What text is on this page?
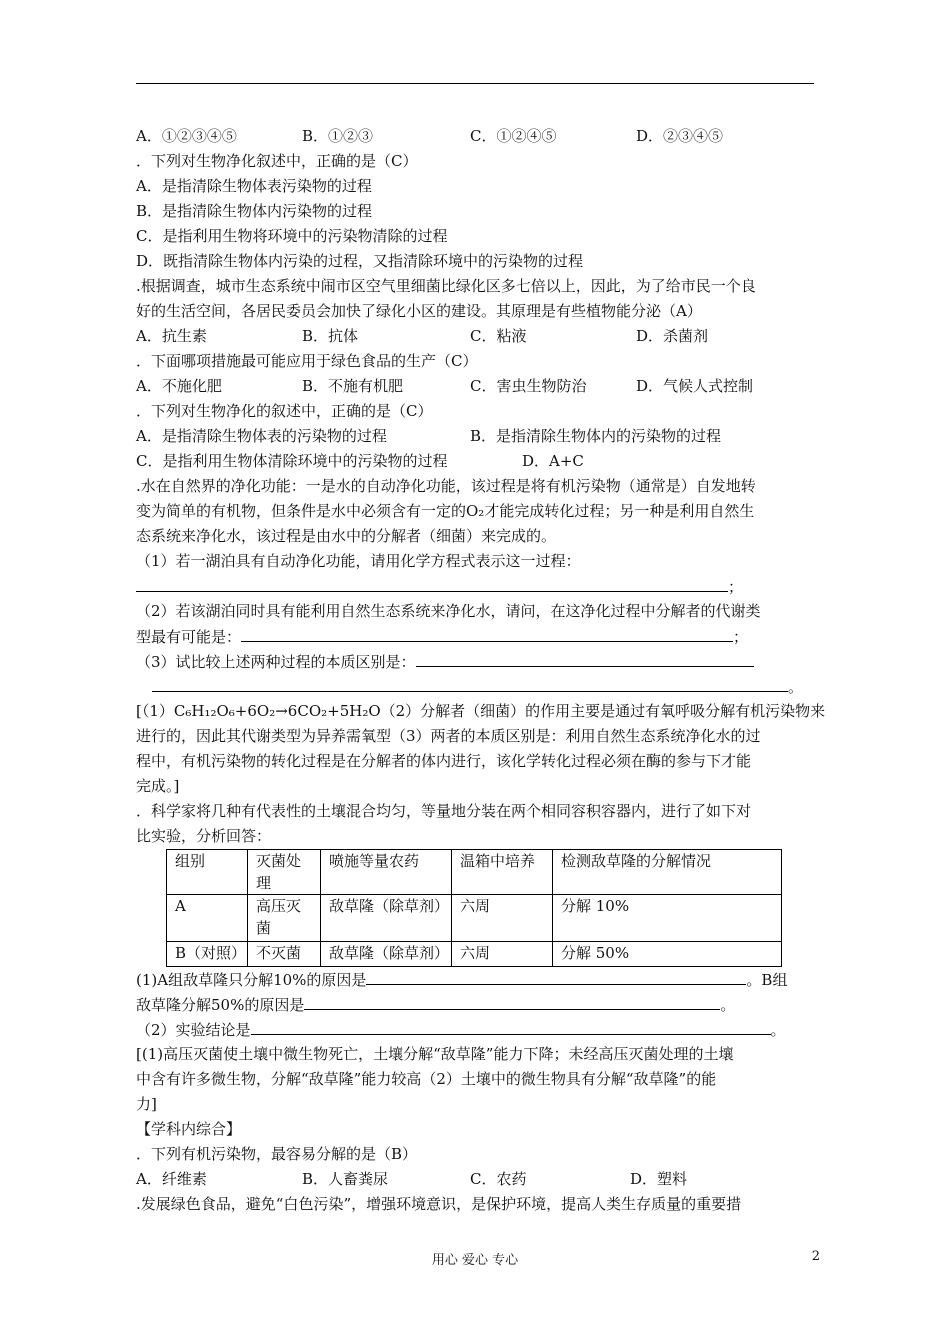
A．①②③④⑤	B．①②③	C．①②④⑤	D．②③④⑤
．下列对生物净化叙述中，正确的是（C）
A．是指清除生物体表污染物的过程
B．是指清除生物体内污染物的过程
C．是指利用生物将环境中的污染物清除的过程
D．既指清除生物体内污染的过程，又指清除环境中的污染物的过程
.根据调查，城市生态系统中闹市区空气里细菌比绿化区多七倍以上，因此，为了给市民一个良
好的生活空间，各居民委员会加快了绿化小区的建设。其原理是有些植物能分泌（A）
A．抗生素	B．抗体	C．粘液	D．杀菌剂
．下面哪项措施最可能应用于绿色食品的生产（C）
A．不施化肥	B．不施有机肥	C．害虫生物防治	D．气候人式控制
．下列对生物净化的叙述中，正确的是（C）
A．是指清除生物体表的污染物的过程	B．是指清除生物体内的污染物的过程
C．是指利用生物体清除环境中的污染物的过程	D．A+C
.水在自然界的净化功能：一是水的自动净化功能，该过程是将有机污染物（通常是）自发地转
变为简单的有机物，但条件是水中必须含有一定的O₂才能完成转化过程；另一种是利用自然生
态系统来净化水，该过程是由水中的分解者（细菌）来完成的。
（1）若一湖泊具有自动净化功能，请用化学方程式表示这一过程：
；
（2）若该湖泊同时具有能利用自然生态系统来净化水，请问，在这净化过程中分解者的代谢类
型最有可能是：	；
（3）试比较上述两种过程的本质区别是：
。
[（1）C₆H₁₂O₆+6O₂→6CO₂+5H₂O（2）分解者（细菌）的作用主要是通过有氧呼吸分解有机污染物来
进行的，因此其代谢类型为异养需氧型（3）两者的本质区别是：利用自然生态系统净化水的过
程中，有机污染物的转化过程是在分解者的体内进行，该化学转化过程必须在酶的参与下才能
完成。]
．科学家将几种有代表性的土壤混合均匀，等量地分装在两个相同容积容器内，进行了如下对
比实验，分析回答：
组别	灭菌处理	喷施等量农药	温箱中培养	检测敌草隆的分解情况
A	高压灭菌	敌草隆（除草剂）	六周	分解 10%
B（对照）	不灭菌	敌草隆（除草剂）	六周	分解 50%
(1)A组敌草隆只分解10%的原因是	。B组
敌草隆分解50%的原因是	。
（2）实验结论是	。
[(1)高压灭菌使土壤中微生物死亡，土壤分解“敌草隆”能力下降；未经高压灭菌处理的土壤
中含有许多微生物，分解“敌草隆”能力较高（2）土壤中的微生物具有分解“敌草隆”的能
力]
【学科内综合】
．下列有机污染物，最容易分解的是（B）
A．纤维素	B．人畜粪尿	C．农药	D．塑料
.发展绿色食品，避免“白色污染”，增强环境意识，是保护环境，提高人类生存质量的重要措
用心 爱心 专心	2
